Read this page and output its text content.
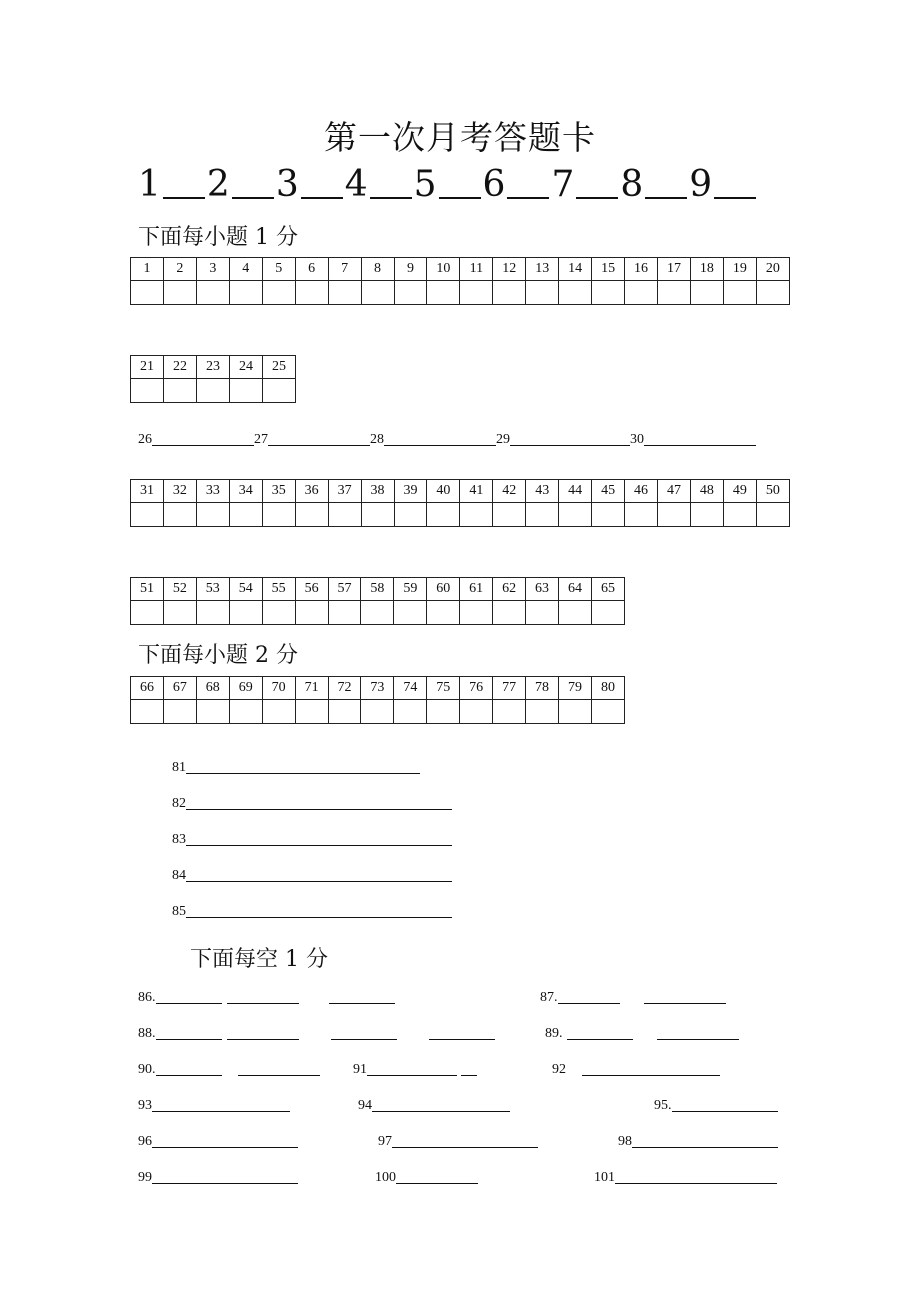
第一次月考答题卡
1 2 3 4 5 6 7 8 9
下面每小题 1 分
1	2	3	4	5	6	7	8	9	10	11	12	13	14	15	16	17	18	19	20

21	22	23	24	25

26	27	28	29	30
31	32	33	34	35	36	37	38	39	40	41	42	43	44	45	46	47	48	49	50

51	52	53	54	55	56	57	58	59	60	61	62	63	64	65

下面每小题 2 分
66	67	68	69	70	71	72	73	74	75	76	77	78	79	80

81
82
83
84
85
下面每空 1 分
86.	87.
88.	89.
90.	91	92
93	94	95.
96	97	98
99	100	101
